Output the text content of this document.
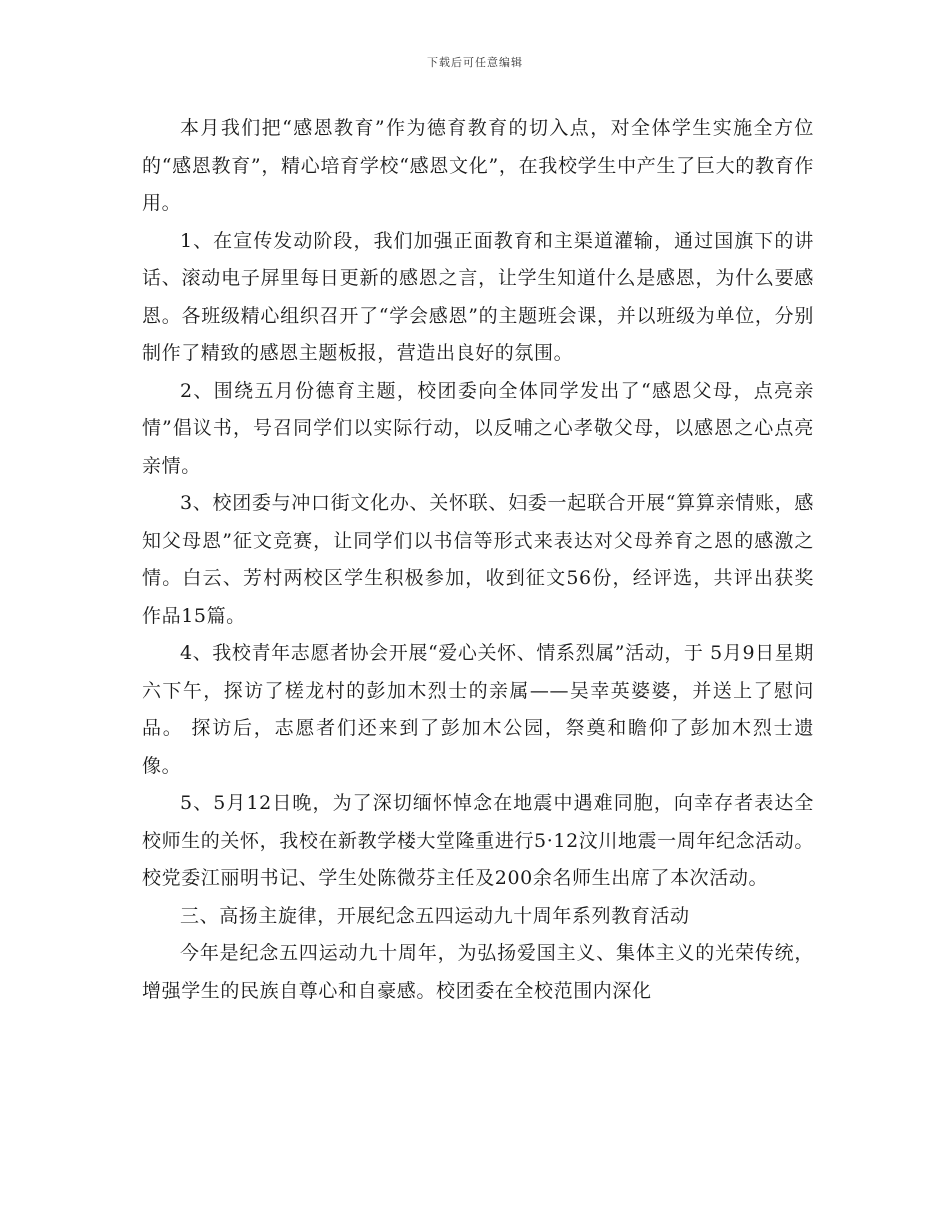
下载后可任意编辑

本月我们把“感恩教育”作为德育教育的切入点，对全体学生实施全方位的“感恩教育”，精心培育学校“感恩文化”，在我校学生中产生了巨大的教育作用。

1、在宣传发动阶段，我们加强正面教育和主渠道灌输，通过国旗下的讲话、滚动电子屏里每日更新的感恩之言，让学生知道什么是感恩，为什么要感恩。各班级精心组织召开了“学会感恩”的主题班会课，并以班级为单位，分别制作了精致的感恩主题板报，营造出良好的氛围。

2、围绕五月份德育主题，校团委向全体同学发出了“感恩父母，点亮亲情”倡议书，号召同学们以实际行动，以反哺之心孝敬父母，以感恩之心点亮亲情。

3、校团委与冲口街文化办、关怀联、妇委一起联合开展“算算亲情账，感知父母恩”征文竞赛，让同学们以书信等形式来表达对父母养育之恩的感激之情。白云、芳村两校区学生积极参加，收到征文56份，经评选，共评出获奖作品15篇。

4、我校青年志愿者协会开展“爱心关怀、情系烈属”活动，于 5月9日星期六下午，探访了槎龙村的彭加木烈士的亲属——吴幸英婆婆，并送上了慰问品。 探访后，志愿者们还来到了彭加木公园，祭奠和瞻仰了彭加木烈士遗像。

5、5月12日晚，为了深切缅怀悼念在地震中遇难同胞，向幸存者表达全校师生的关怀，我校在新教学楼大堂隆重进行5·12汶川地震一周年纪念活动。校党委江丽明书记、学生处陈微芬主任及200余名师生出席了本次活动。

三、高扬主旋律，开展纪念五四运动九十周年系列教育活动

今年是纪念五四运动九十周年，为弘扬爱国主义、集体主义的光荣传统，增强学生的民族自尊心和自豪感。校团委在全校范围内深化
